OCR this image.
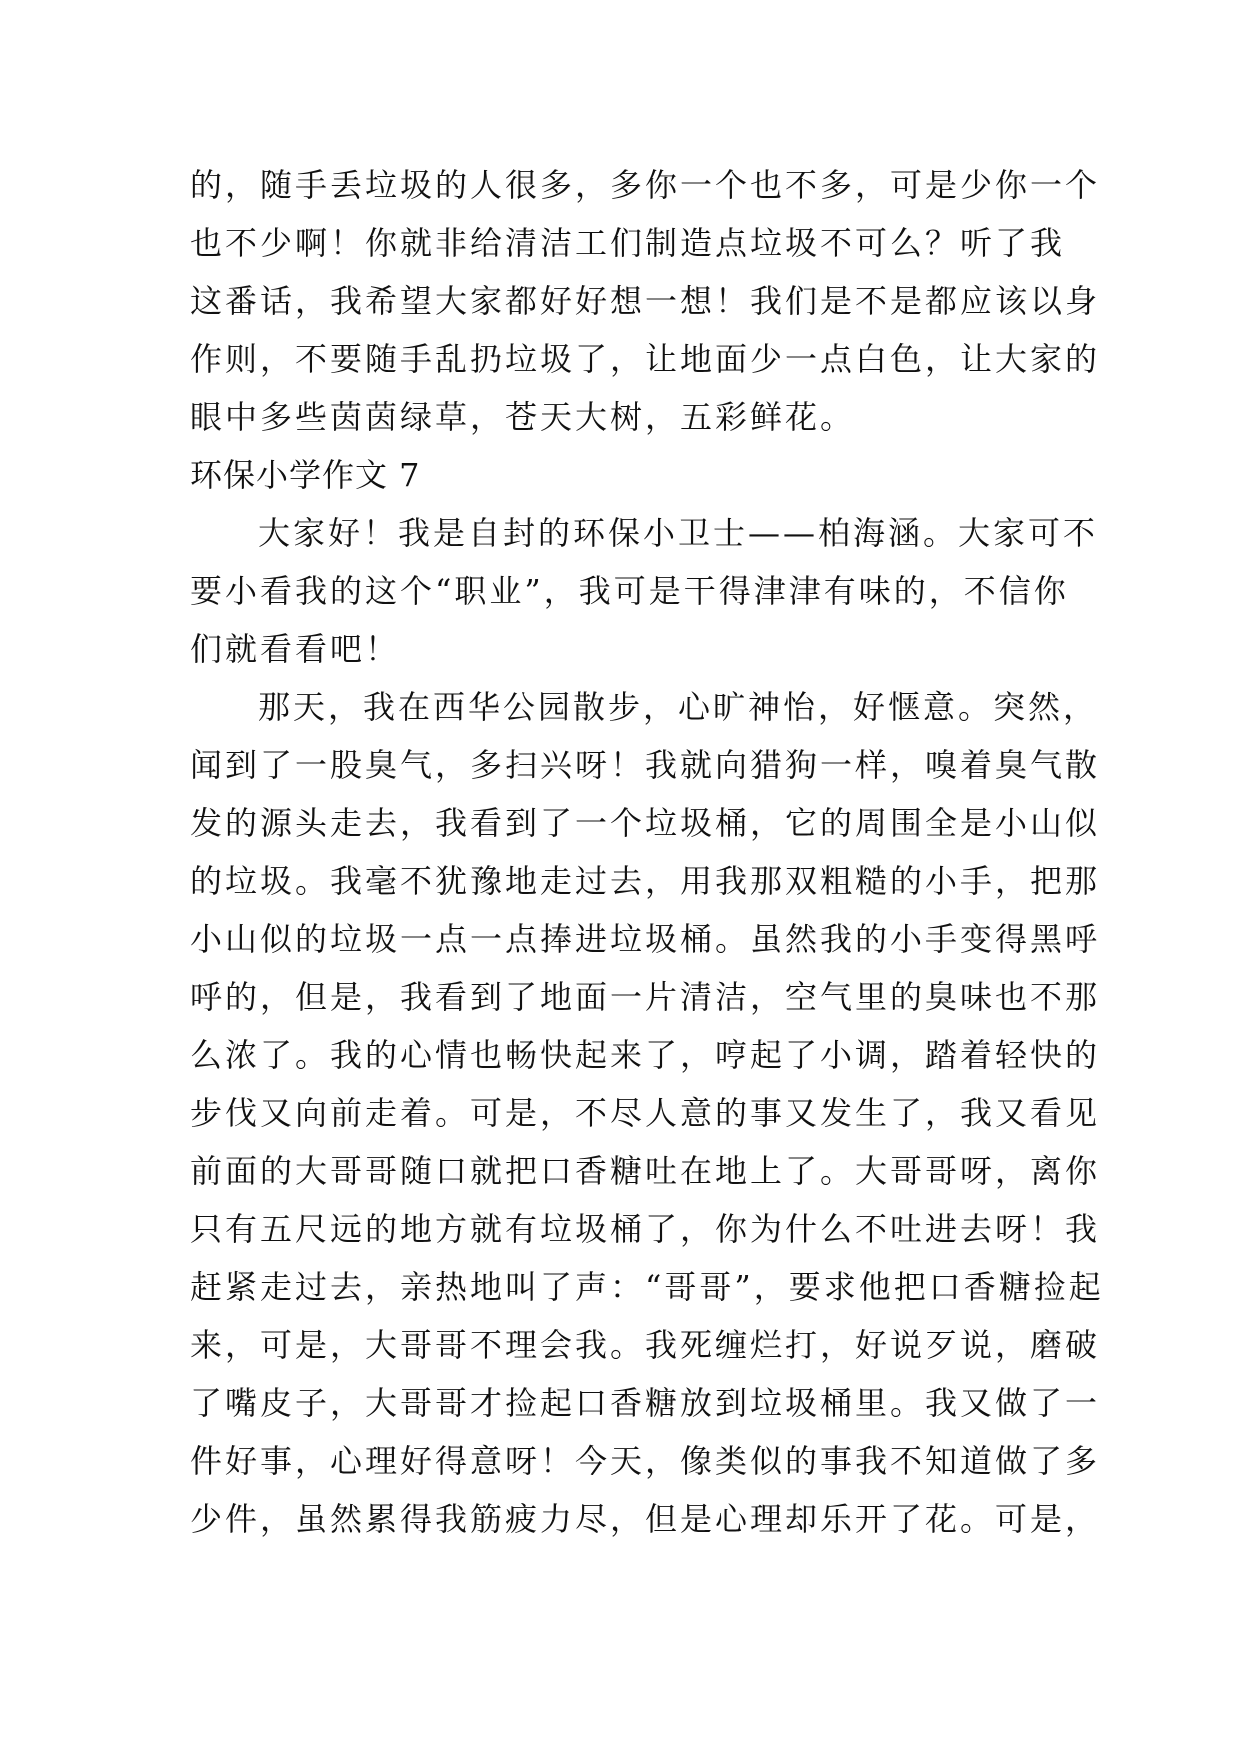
的，随手丢垃圾的人很多，多你一个也不多，可是少你一个
也不少啊！你就非给清洁工们制造点垃圾不可么？听了我
这番话，我希望大家都好好想一想！我们是不是都应该以身
作则，不要随手乱扔垃圾了，让地面少一点白色，让大家的
眼中多些茵茵绿草，苍天大树，五彩鲜花。
环保小学作文 7
大家好！我是自封的环保小卫士——柏海涵。大家可不
要小看我的这个“职业”，我可是干得津津有味的，不信你
们就看看吧！
那天，我在西华公园散步，心旷神怡，好惬意。突然，
闻到了一股臭气，多扫兴呀！我就向猎狗一样，嗅着臭气散
发的源头走去，我看到了一个垃圾桶，它的周围全是小山似
的垃圾。我毫不犹豫地走过去，用我那双粗糙的小手，把那
小山似的垃圾一点一点捧进垃圾桶。虽然我的小手变得黑呼
呼的，但是，我看到了地面一片清洁，空气里的臭味也不那
么浓了。我的心情也畅快起来了，哼起了小调，踏着轻快的
步伐又向前走着。可是，不尽人意的事又发生了，我又看见
前面的大哥哥随口就把口香糖吐在地上了。大哥哥呀，离你
只有五尺远的地方就有垃圾桶了，你为什么不吐进去呀！我
赶紧走过去，亲热地叫了声：“哥哥”，要求他把口香糖捡起
来，可是，大哥哥不理会我。我死缠烂打，好说歹说，磨破
了嘴皮子，大哥哥才捡起口香糖放到垃圾桶里。我又做了一
件好事，心理好得意呀！今天，像类似的事我不知道做了多
少件，虽然累得我筋疲力尽，但是心理却乐开了花。可是，
